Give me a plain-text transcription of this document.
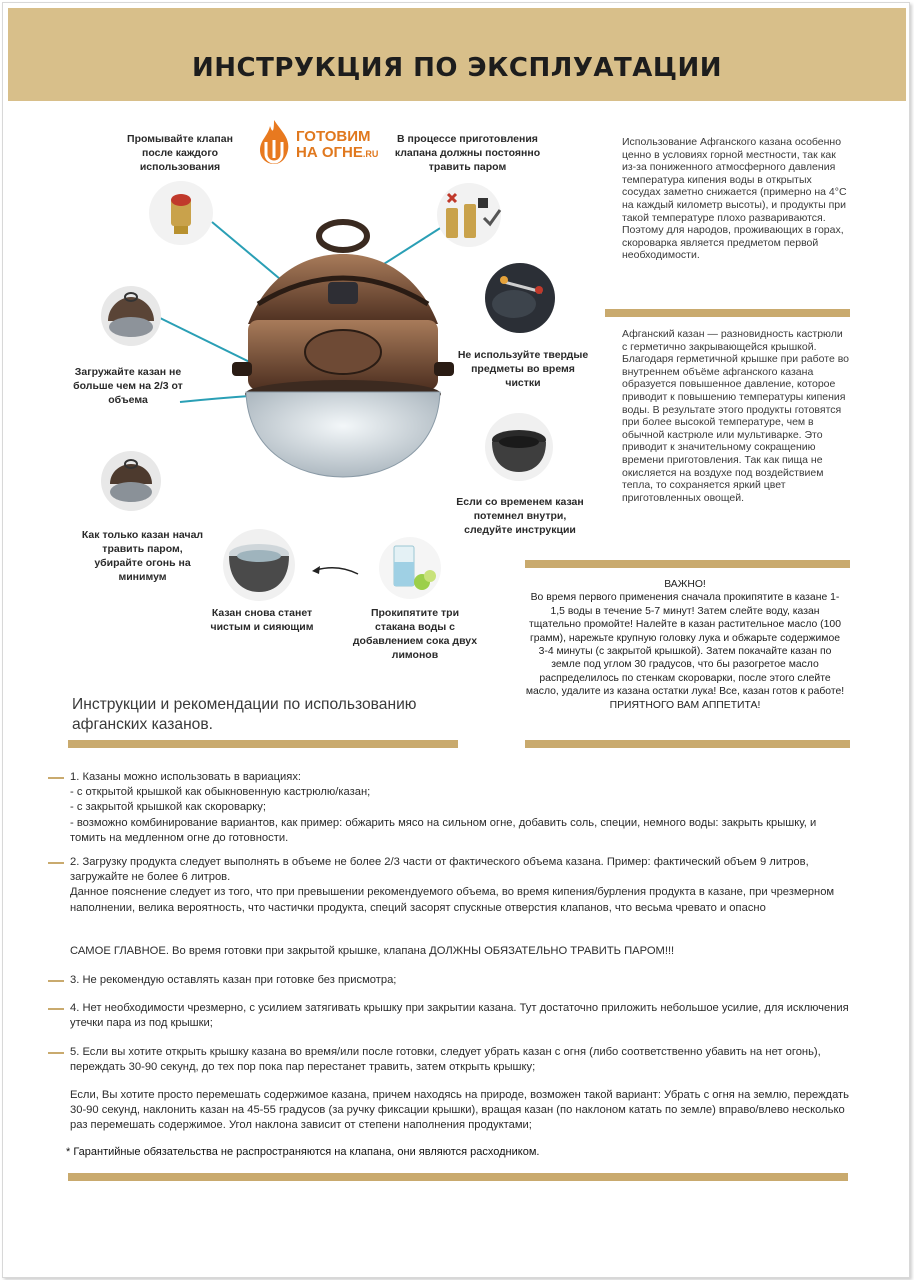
ИНСТРУКЦИЯ ПО ЭКСПЛУАТАЦИИ
ГОТОВИМ
НА ОГНЕ.RU
Промывайте клапан
после каждого
использования
В процессе приготовления
клапана должны постоянно
травить паром
Загружайте казан не
больше чем на 2/3 от
объема
Не используйте твердые
предметы во время
чистки
Как только казан начал
травить паром,
убирайте огонь на
минимум
Если со временем казан
потемнел внутри,
следуйте инструкции
Казан снова станет
чистым и сияющим
Прокипятите три
стакана воды с
добавлением сока двух
лимонов
Использование Афганского казана особенно ценно в условиях горной местности, так как из-за пониженного атмосферного давления температура кипения воды в открытых сосудах заметно снижается (примерно на 4°С на каждый километр высоты), и продукты при такой температуре плохо развариваются. Поэтому для народов, проживающих в горах, скороварка является предметом первой необходимости.
Афганский казан — разновидность кастрюли с герметично закрывающейся крышкой. Благодаря герметичной крышке при работе во внутреннем объёме афганского казана образуется повышенное давление, которое приводит к повышению температуры кипения воды. В результате этого продукты готовятся при более высокой температуре, чем в обычной кастрюле или мультиварке. Это приводит к значительному сокращению времени приготовления. Так как пища не окисляется на воздухе под воздействием тепла, то сохраняется яркий цвет приготовленных овощей.
ВАЖНО!
Во время первого применения сначала прокипятите в казане 1-1,5 воды в течение 5-7 минут! Затем слейте воду, казан тщательно промойте! Налейте в казан растительное масло (100 грамм), нарежьте крупную головку лука и обжарьте содержимое 3-4 минуты (с закрытой крышкой). Затем покачайте казан по земле под углом 30 градусов, что бы разогретое масло распределилось по стенкам скороварки, после этого слейте масло, удалите из казана остатки лука! Все, казан готов к работе!
ПРИЯТНОГО ВАМ АППЕТИТА!
Инструкции и рекомендации по использованию афганских казанов.
1. Казаны можно использовать в вариациях:
- с открытой крышкой как обыкновенную кастрюлю/казан;
- с закрытой крышкой как скороварку;
- возможно комбинирование вариантов, как пример: обжарить мясо на сильном огне, добавить соль, специи, немного воды: закрыть крышку, и томить на медленном огне до готовности.
2. Загрузку продукта следует выполнять в объеме не более 2/3 части от фактического объема казана. Пример: фактический объем 9 литров, загружайте не более 6 литров.
Данное пояснение следует из того, что при превышении рекомендуемого объема, во время кипения/бурления продукта в казане, при чрезмерном наполнении, велика вероятность, что частички продукта, специй засорят спускные отверстия клапанов, что весьма чревато и опасно
САМОЕ ГЛАВНОЕ. Во время готовки при закрытой крышке, клапана ДОЛЖНЫ ОБЯЗАТЕЛЬНО ТРАВИТЬ ПАРОМ!!!
3. Не рекомендую оставлять казан при готовке без присмотра;
4. Нет необходимости чрезмерно, с усилием затягивать крышку при закрытии казана. Тут достаточно приложить небольшое усилие, для исключения утечки пара из под крышки;
5. Если вы хотите открыть крышку казана во время/или после готовки, следует убрать казан с огня (либо соответственно убавить на нет огонь), переждать 30-90 секунд, до тех пор пока пар перестанет травить, затем открыть крышку;
Если, Вы хотите просто перемешать содержимое казана, причем находясь на природе, возможен такой вариант: Убрать с огня на землю, переждать 30-90 секунд, наклонить казан на 45-55 градусов (за ручку фиксации крышки), вращая казан (по наклоном катать по земле) вправо/влево несколько раз перемешать содержимое. Угол наклона зависит от степени наполнения продуктами;
* Гарантийные обязательства не распространяются на клапана, они являются расходником.
